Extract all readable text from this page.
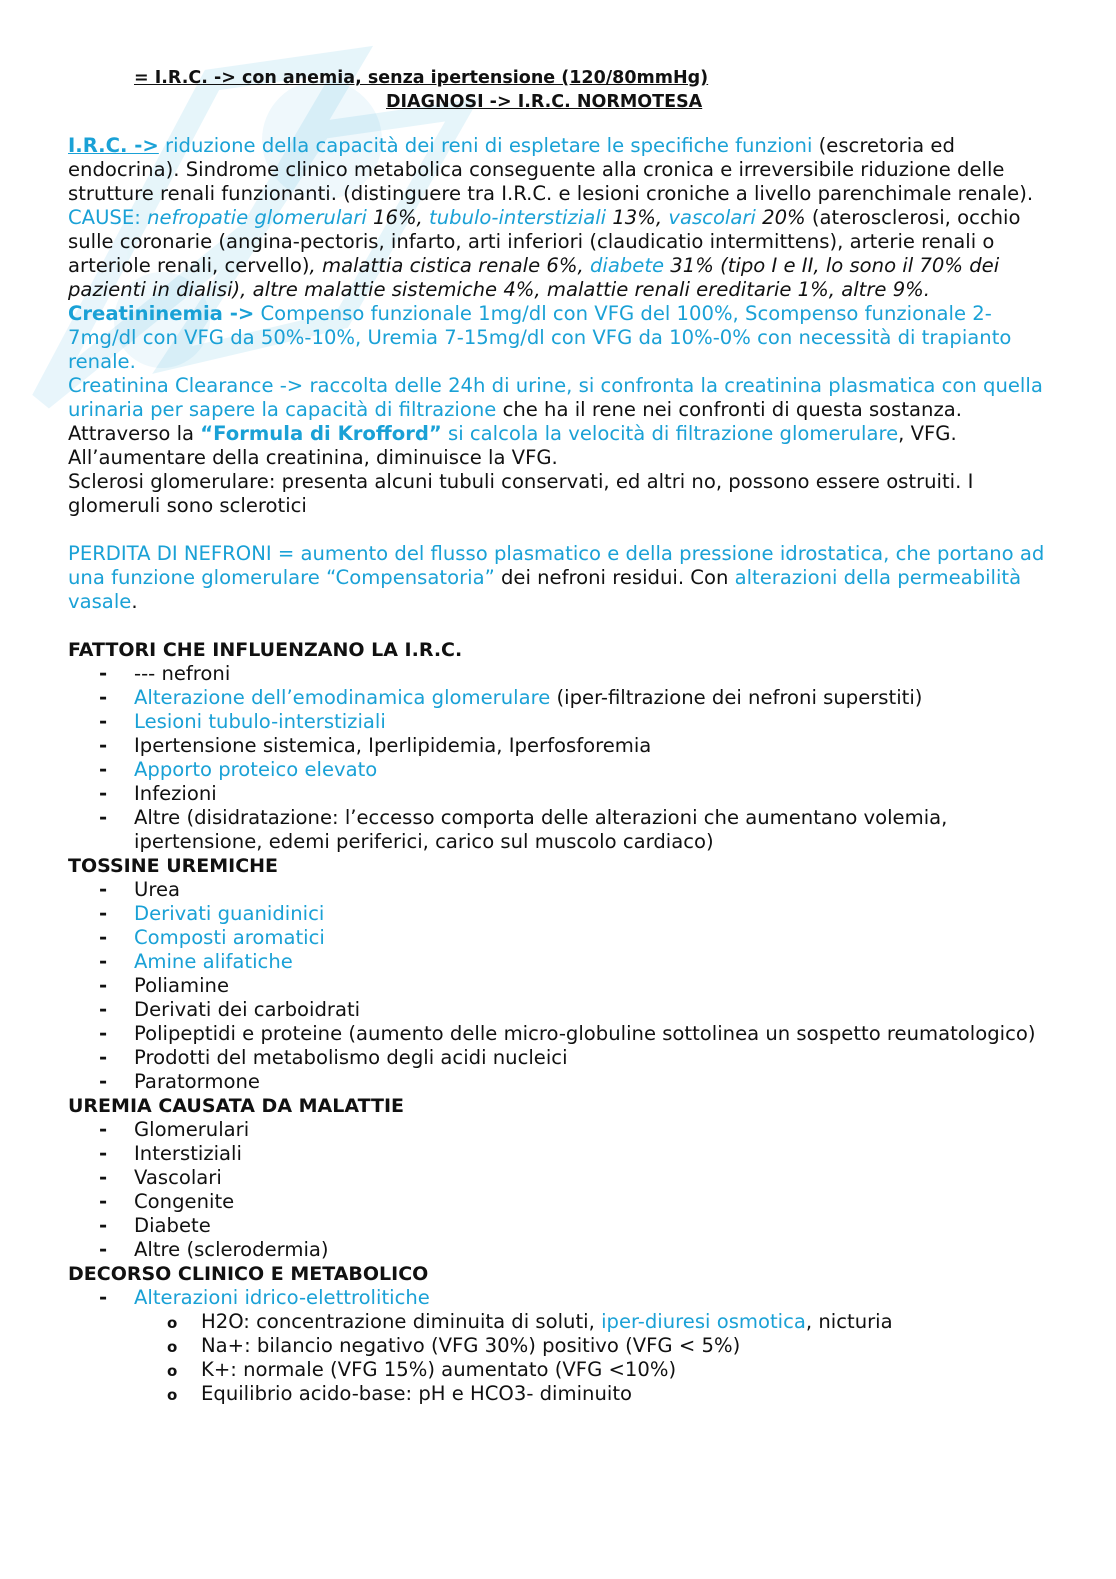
= I.R.C. -> con anemia, senza ipertensione (120/80mmHg)

DIAGNOSI -> I.R.C. NORMOTESA

I.R.C. -> riduzione della capacità dei reni di espletare le specifiche funzioni (escretoria ed endocrina). Sindrome clinico metabolica conseguente alla cronica e irreversibile riduzione delle strutture renali funzionanti. (distinguere tra I.R.C. e lesioni croniche a livello parenchimale renale).

CAUSE: nefropatie glomerulari 16%, tubulo-interstiziali 13%, vascolari 20% (aterosclerosi, occhio sulle coronarie (angina-pectoris, infarto, arti inferiori (claudicatio intermittens), arterie renali o arteriole renali, cervello), malattia cistica renale 6%, diabete 31% (tipo I e II, lo sono il 70% dei pazienti in dialisi), altre malattie sistemiche 4%, malattie renali ereditarie 1%, altre 9%.

Creatininemia -> Compenso funzionale 1mg/dl con VFG del 100%, Scompenso funzionale 2-7mg/dl con VFG da 50%-10%, Uremia 7-15mg/dl con VFG da 10%-0% con necessità di trapianto renale.

Creatinina Clearance -> raccolta delle 24h di urine, si confronta la creatinina plasmatica con quella urinaria per sapere la capacità di filtrazione che ha il rene nei confronti di questa sostanza.

Attraverso la “Formula di Krofford” si calcola la velocità di filtrazione glomerulare, VFG.

All’aumentare della creatinina, diminuisce la VFG.

Sclerosi glomerulare: presenta alcuni tubuli conservati, ed altri no, possono essere ostruiti. I glomeruli sono sclerotici

PERDITA DI NEFRONI = aumento del flusso plasmatico e della pressione idrostatica, che portano ad una funzione glomerulare “Compensatoria” dei nefroni residui. Con alterazioni della permeabilità vasale.

FATTORI CHE INFLUENZANO LA I.R.C.

- --- nefroni
- Alterazione dell’emodinamica glomerulare (iper-filtrazione dei nefroni superstiti)
- Lesioni tubulo-interstiziali
- Ipertensione sistemica, Iperlipidemia, Iperfosforemia
- Apporto proteico elevato
- Infezioni
- Altre (disidratazione: l’eccesso comporta delle alterazioni che aumentano volemia, ipertensione, edemi periferici, carico sul muscolo cardiaco)

TOSSINE UREMICHE

- Urea
- Derivati guanidinici
- Composti aromatici
- Amine alifatiche
- Poliamine
- Derivati dei carboidrati
- Polipeptidi e proteine (aumento delle micro-globuline sottolinea un sospetto reumatologico)
- Prodotti del metabolismo degli acidi nucleici
- Paratormone

UREMIA CAUSATA DA MALATTIE

- Glomerulari
- Interstiziali
- Vascolari
- Congenite
- Diabete
- Altre (sclerodermia)

DECORSO CLINICO E METABOLICO

- Alterazioni idrico-elettrolitiche
o H2O: concentrazione diminuita di soluti, iper-diuresi osmotica, nicturia
o Na+: bilancio negativo (VFG 30%) positivo (VFG < 5%)
o K+: normale (VFG 15%) aumentato (VFG <10%)
o Equilibrio acido-base: pH e HCO3- diminuito
